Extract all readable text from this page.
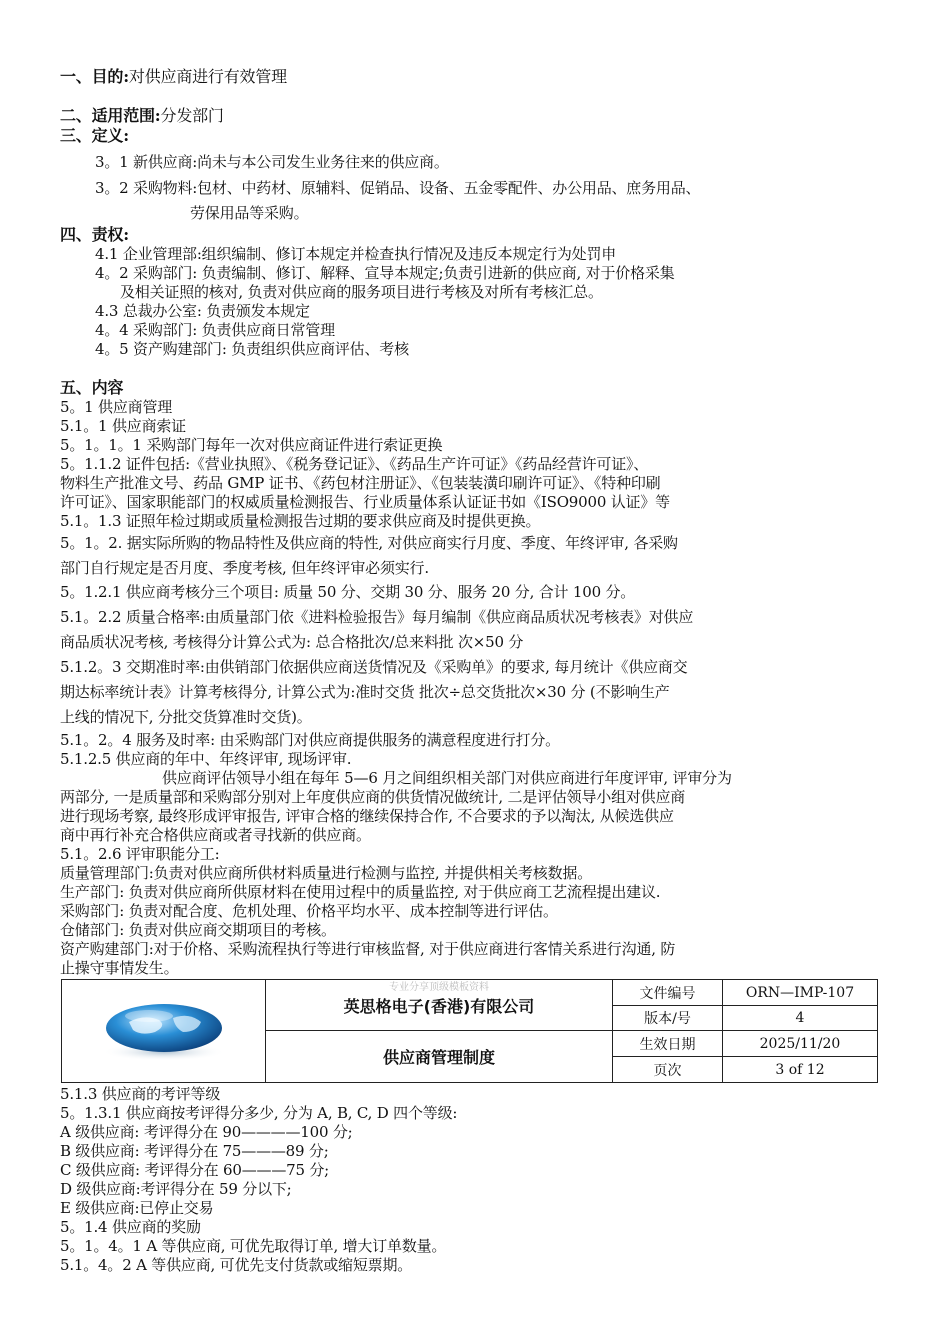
一、目的:对供应商进行有效管理
二、适用范围:分发部门
三、定义:
3。1 新供应商:尚未与本公司发生业务往来的供应商。
3。2 采购物料:包材、中药材、原辅料、促销品、设备、五金零配件、办公用品、庶务用品、
劳保用品等采购。
四、责权:
4.1 企业管理部:组织编制、修订本规定并检查执行情况及违反本规定行为处罚申
4。2 采购部门: 负责编制、修订、解释、宣导本规定;负责引进新的供应商, 对于价格采集
及相关证照的核对, 负责对供应商的服务项目进行考核及对所有考核汇总。
4.3 总裁办公室: 负责颁发本规定
4。4 采购部门: 负责供应商日常管理
4。5 资产购建部门: 负责组织供应商评估、考核
五、内容
5。1 供应商管理
5.1。1 供应商索证
5。1。1。1 采购部门每年一次对供应商证件进行索证更换
5。1.1.2 证件包括:《营业执照》、《税务登记证》、《药品生产许可证》《药品经营许可证》、
物料生产批准文号、药品 GMP 证书、《药包材注册证》、《包装装潢印刷许可证》、《特种印刷
许可证》、国家职能部门的权威质量检测报告、行业质量体系认证证书如《ISO9000 认证》等
5.1。1.3 证照年检过期或质量检测报告过期的要求供应商及时提供更换。
5。1。2. 据实际所购的物品特性及供应商的特性, 对供应商实行月度、季度、年终评审, 各采购
部门自行规定是否月度、季度考核, 但年终评审必须实行.
5。1.2.1 供应商考核分三个项目: 质量 50 分、交期 30 分、服务 20 分, 合计 100 分。
5.1。2.2 质量合格率:由质量部门依《进料检验报告》每月编制《供应商品质状况考核表》对供应
商品质状况考核, 考核得分计算公式为: 总合格批次/总来料批 次×50 分
5.1.2。3 交期准时率:由供销部门依据供应商送货情况及《采购单》的要求, 每月统计《供应商交
期达标率统计表》计算考核得分, 计算公式为:准时交货 批次÷总交货批次×30 分 (不影响生产
上线的情况下, 分批交货算准时交货)。
5.1。2。4 服务及时率: 由采购部门对供应商提供服务的满意程度进行打分。
5.1.2.5 供应商的年中、年终评审, 现场评审.
供应商评估领导小组在每年 5—6 月之间组织相关部门对供应商进行年度评审, 评审分为
两部分, 一是质量部和采购部分别对上年度供应商的供货情况做统计, 二是评估领导小组对供应商
进行现场考察, 最终形成评审报告, 评审合格的继续保持合作, 不合要求的予以淘汰, 从候选供应
商中再行补充合格供应商或者寻找新的供应商。
5.1。2.6 评审职能分工:
质量管理部门:负责对供应商所供材料质量进行检测与监控, 并提供相关考核数据。
生产部门: 负责对供应商所供原材料在使用过程中的质量监控, 对于供应商工艺流程提出建议.
采购部门: 负责对配合度、危机处理、价格平均水平、成本控制等进行评估。
仓储部门: 负责对供应商交期项目的考核。
资产购建部门:对于价格、采购流程执行等进行审核监督, 对于供应商进行客情关系进行沟通, 防
止操守事情发生。

专业分享顶级模板资料
英思格电子(香港)有限公司	文件编号	ORN—IMP-107
		版本/号	4
	供应商管理制度	生效日期	2025/11/20
		页次	3 of 12
5.1.3 供应商的考评等级
5。1.3.1 供应商按考评得分多少, 分为 A, B, C, D 四个等级:
A 级供应商: 考评得分在 90————100 分;
B 级供应商: 考评得分在 75———89 分;
C 级供应商: 考评得分在 60———75 分;
D 级供应商:考评得分在 59 分以下;
E 级供应商:已停止交易
5。1.4 供应商的奖励
5。1。4。1 A 等供应商, 可优先取得订单, 增大订单数量。
5.1。4。2 A 等供应商, 可优先支付货款或缩短票期。
